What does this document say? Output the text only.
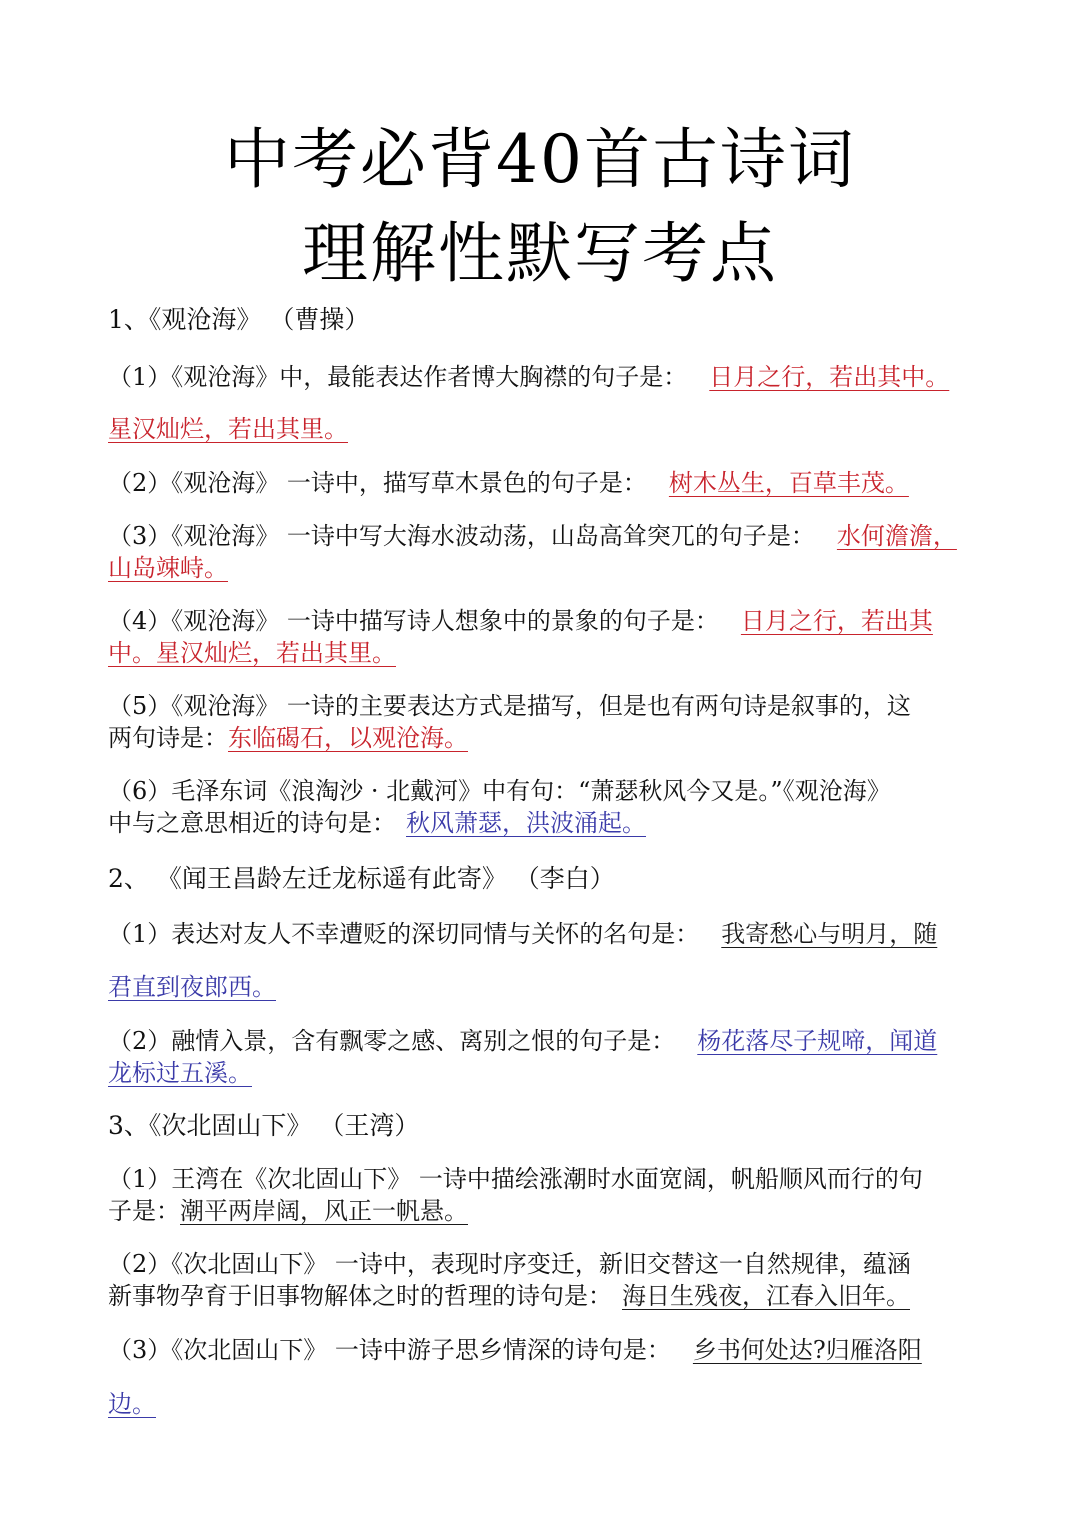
中考必背40首古诗词
理解性默写考点
1、《观沧海》 （曹操）
（1）《观沧海》中，最能表达作者博大胸襟的句子是： 日月之行，若出其中。
星汉灿烂，若出其里。
（2）《观沧海》 一诗中，描写草木景色的句子是： 树木丛生，百草丰茂。
（3）《观沧海》 一诗中写大海水波动荡，山岛高耸突兀的句子是： 水何澹澹，
山岛竦峙。
（4）《观沧海》 一诗中描写诗人想象中的景象的句子是： 日月之行，若出其
中。星汉灿烂，若出其里。
（5）《观沧海》 一诗的主要表达方式是描写，但是也有两句诗是叙事的，这
两句诗是：东临碣石，以观沧海。
（6）毛泽东词《浪淘沙 · 北戴河》中有句：“萧瑟秋风今又是。”《观沧海》
中与之意思相近的诗句是： 秋风萧瑟，洪波涌起。
2、 《闻王昌龄左迁龙标遥有此寄》 （李白）
（1）表达对友人不幸遭贬的深切同情与关怀的名句是： 我寄愁心与明月，随
君直到夜郎西。
（2）融情入景，含有飘零之感、离别之恨的句子是： 杨花落尽子规啼，闻道
龙标过五溪。
3、《次北固山下》 （王湾）
（1）王湾在《次北固山下》 一诗中描绘涨潮时水面宽阔，帆船顺风而行的句
子是：潮平两岸阔，风正一帆悬。
（2）《次北固山下》 一诗中，表现时序变迁，新旧交替这一自然规律，蕴涵
新事物孕育于旧事物解体之时的哲理的诗句是： 海日生残夜，江春入旧年。
（3）《次北固山下》 一诗中游子思乡情深的诗句是： 乡书何处达?归雁洛阳
边。
